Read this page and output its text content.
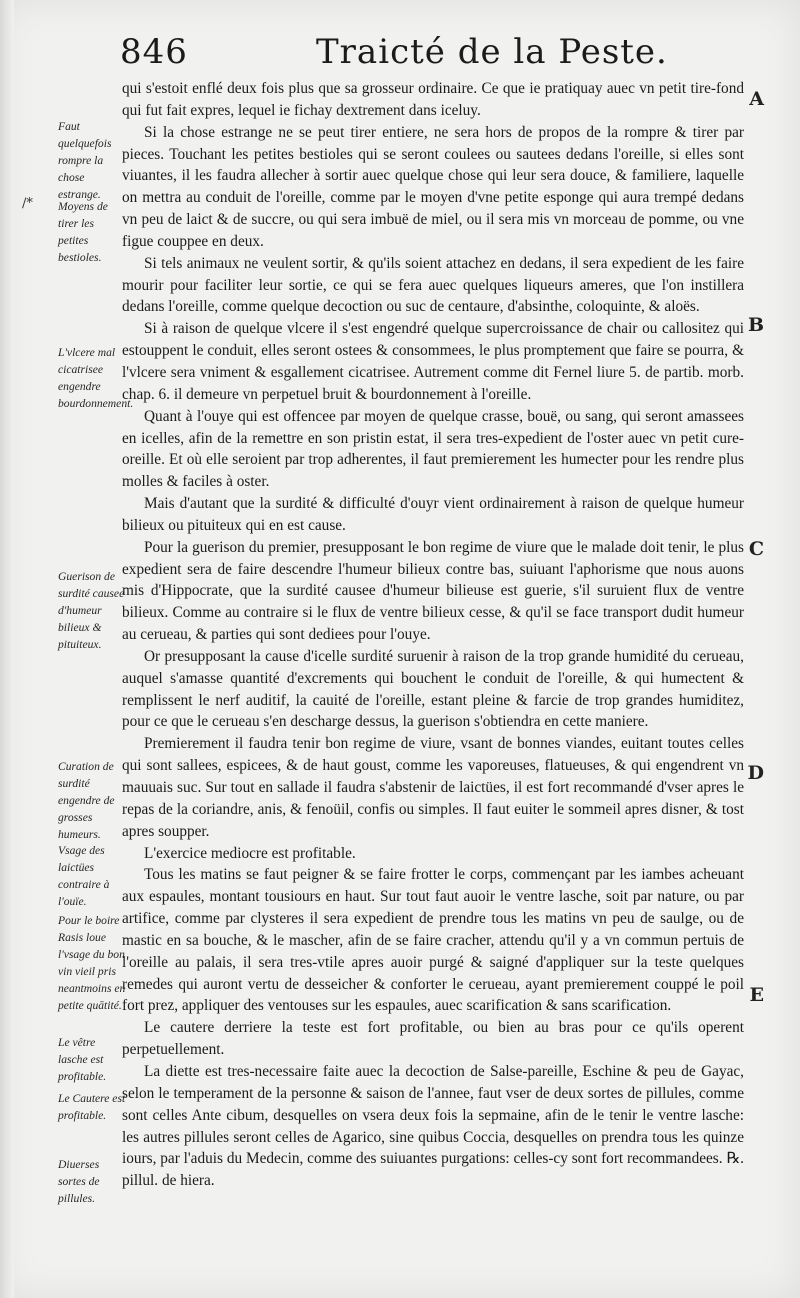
846	Traicté de la Peste.
/*
Faut quelquefois rompre la chose estrange.
Moyens de tirer les petites bestioles.
L'vlcere mal cicatrisee engendre bourdonnement.
Guerison de surdité causee d'humeur bilieux & pituiteux.
Curation de surdité engendre de grosses humeurs.
Vsage des laictües contraire à l'ouïe.
Pour le boire Rasis loue l'vsage du bon vin vieil pris neantmoins en petite quātité.
Le vêtre lasche est profitable.
Le Cautere est profitable.
Diuerses sortes de pillules.
A
B
C
D
E

qui s'estoit enflé deux fois plus que sa grosseur ordinaire. Ce que ie pratiquay auec vn petit tire-fond qui fut fait expres, lequel ie fichay dextrement dans iceluy.

Si la chose estrange ne se peut tirer entiere, ne sera hors de propos de la rompre & tirer par pieces. Touchant les petites bestioles qui se seront coulees ou sautees dedans l'oreille, si elles sont viuantes, il les faudra allecher à sortir auec quelque chose qui leur sera douce, & familiere, laquelle on mettra au conduit de l'oreille, comme par le moyen d'vne petite esponge qui aura trempé dedans vn peu de laict & de succre, ou qui sera imbuë de miel, ou il sera mis vn morceau de pomme, ou vne figue couppee en deux.

Si tels animaux ne veulent sortir, & qu'ils soient attachez en dedans, il sera expedient de les faire mourir pour faciliter leur sortie, ce qui se fera auec quelques liqueurs ameres, que l'on instillera dedans l'oreille, comme quelque decoction ou suc de centaure, d'absinthe, coloquinte, & aloës.

Si à raison de quelque vlcere il s'est engendré quelque supercroissance de chair ou callositez qui estouppent le conduit, elles seront ostees & consommees, le plus promptement que faire se pourra, & l'vlcere sera vniment & esgallement cicatrisee. Autrement comme dit Fernel liure 5. de partib. morb. chap. 6. il demeure vn perpetuel bruit & bourdonnement à l'oreille.

Quant à l'ouye qui est offencee par moyen de quelque crasse, bouë, ou sang, qui seront amassees en icelles, afin de la remettre en son pristin estat, il sera tres-expedient de l'oster auec vn petit cure-oreille. Et où elle seroient par trop adherentes, il faut premierement les humecter pour les rendre plus molles & faciles à oster.

Mais d'autant que la surdité & difficulté d'ouyr vient ordinairement à raison de quelque humeur bilieux ou pituiteux qui en est cause.

Pour la guerison du premier, presupposant le bon regime de viure que le malade doit tenir, le plus expedient sera de faire descendre l'humeur bilieux contre bas, suiuant l'aphorisme que nous auons mis d'Hippocrate, que la surdité causee d'humeur bilieuse est guerie, s'il suruient flux de ventre bilieux. Comme au contraire si le flux de ventre bilieux cesse, & qu'il se face transport dudit humeur au cerueau, & parties qui sont dediees pour l'ouye.

Or presupposant la cause d'icelle surdité suruenir à raison de la trop grande humidité du cerueau, auquel s'amasse quantité d'excrements qui bouchent le conduit de l'oreille, & qui humectent & remplissent le nerf auditif, la cauité de l'oreille, estant pleine & farcie de trop grandes humiditez, pour ce que le cerueau s'en descharge dessus, la guerison s'obtiendra en cette maniere.

Premierement il faudra tenir bon regime de viure, vsant de bonnes viandes, euitant toutes celles qui sont sallees, espicees, & de haut goust, comme les vaporeuses, flatueuses, & qui engendrent vn mauuais suc. Sur tout en sallade il faudra s'abstenir de laictües, il est fort recommandé d'vser apres le repas de la coriandre, anis, & fenoüil, confis ou simples. Il faut euiter le sommeil apres disner, & tost apres soupper.

L'exercice mediocre est profitable.

Tous les matins se faut peigner & se faire frotter le corps, commençant par les iambes acheuant aux espaules, montant tousiours en haut. Sur tout faut auoir le ventre lasche, soit par nature, ou par artifice, comme par clysteres il sera expedient de prendre tous les matins vn peu de saulge, ou de mastic en sa bouche, & le mascher, afin de se faire cracher, attendu qu'il y a vn commun pertuis de l'oreille au palais, il sera tres-vtile apres auoir purgé & saigné d'appliquer sur la teste quelques remedes qui auront vertu de desseicher & conforter le cerueau, ayant premierement couppé le poil fort prez, appliquer des ventouses sur les espaules, auec scarification & sans scarification.

Le cautere derriere la teste est fort profitable, ou bien au bras pour ce qu'ils operent perpetuellement.

La diette est tres-necessaire faite auec la decoction de Salse-pareille, Eschine & peu de Gayac, selon le temperament de la personne & saison de l'annee, faut vser de deux sortes de pillules, comme sont celles Ante cibum, desquelles on vsera deux fois la sepmaine, afin de le tenir le ventre lasche: les autres pillules seront celles de Agarico, sine quibus Coccia, desquelles on prendra tous les quinze iours, par l'aduis du Medecin, comme des suiuantes purgations: celles-cy sont fort recommandees. ℞. pillul. de hiera.
